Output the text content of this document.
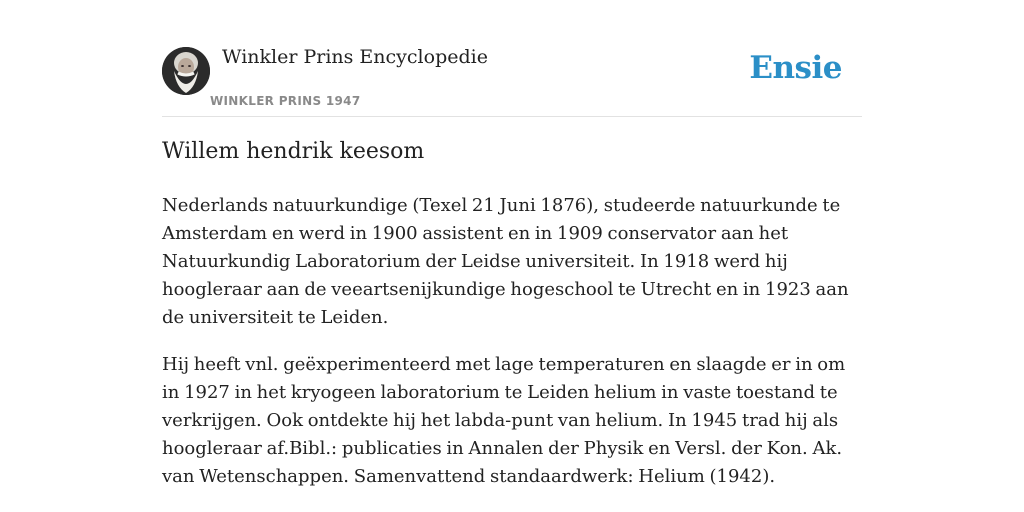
Winkler Prins Encyclopedie
WINKLER PRINS 1947
Ensie
Willem hendrik keesom

Nederlands natuurkundige (Texel 21 Juni 1876), studeerde natuurkunde te Amsterdam en werd in 1900 assistent en in 1909 conservator aan het Natuurkundig Laboratorium der Leidse universiteit. In 1918 werd hij hoogleraar aan de veeartsenijkundige hogeschool te Utrecht en in 1923 aan de universiteit te Leiden.

Hij heeft vnl. geëxperimenteerd met lage temperaturen en slaagde er in om in 1927 in het kryogeen laboratorium te Leiden helium in vaste toestand te verkrijgen. Ook ontdekte hij het labda-punt van helium. In 1945 trad hij als hoogleraar af.Bibl.: publicaties in Annalen der Physik en Versl. der Kon. Ak. van Wetenschappen. Samenvattend standaardwerk: Helium (1942).
